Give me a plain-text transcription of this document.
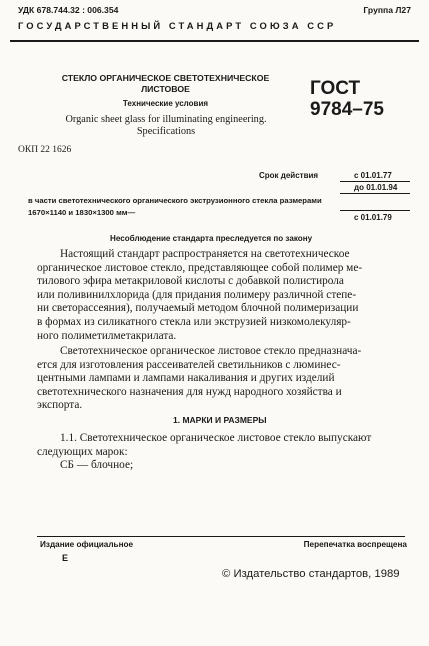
УДК 678.744.32 : 006.354	Группа Л27
ГОСУДАРСТВЕННЫЙ СТАНДАРТ СОЮЗА ССР
СТЕКЛО ОРГАНИЧЕСКОЕ СВЕТОТЕХНИЧЕСКОЕ
ЛИСТОВОЕ
Технические условия
Organic sheet glass for illuminating engineering.
Specifications
ГОСТ
9784–75
ОКП 22 1626
Срок действия	с 01.01.77
до 01.01.94
в части светотехнического органического экструзионного стекла размерами
1670×1140 и 1830×1300 мм—
с 01.01.79
Несоблюдение стандарта преследуется по закону
Настоящий стандарт распространяется на светотехническое
органическое листовое стекло, представляющее собой полимер ме-
тилового эфира метакриловой кислоты с добавкой полистирола
или поливинилхлорида (для придания полимеру различной степе-
ни светорассеяния), получаемый методом блочной полимеризации
в формах из силикатного стекла или экструзией низкомолекуляр-
ного полиметилметакрилата.
Светотехническое органическое листовое стекло предназнача-
ется для изготовления рассеивателей светильников с люминес-
центными лампами и лампами накаливания и других изделий
светотехнического назначения для нужд народного хозяйства и
экспорта.
1. МАРКИ И РАЗМЕРЫ
1.1. Светотехническое органическое листовое стекло выпускают
следующих марок:
СБ — блочное;
Издание официальное	Перепечатка воспрещена
Е
© Издательство стандартов, 1989
